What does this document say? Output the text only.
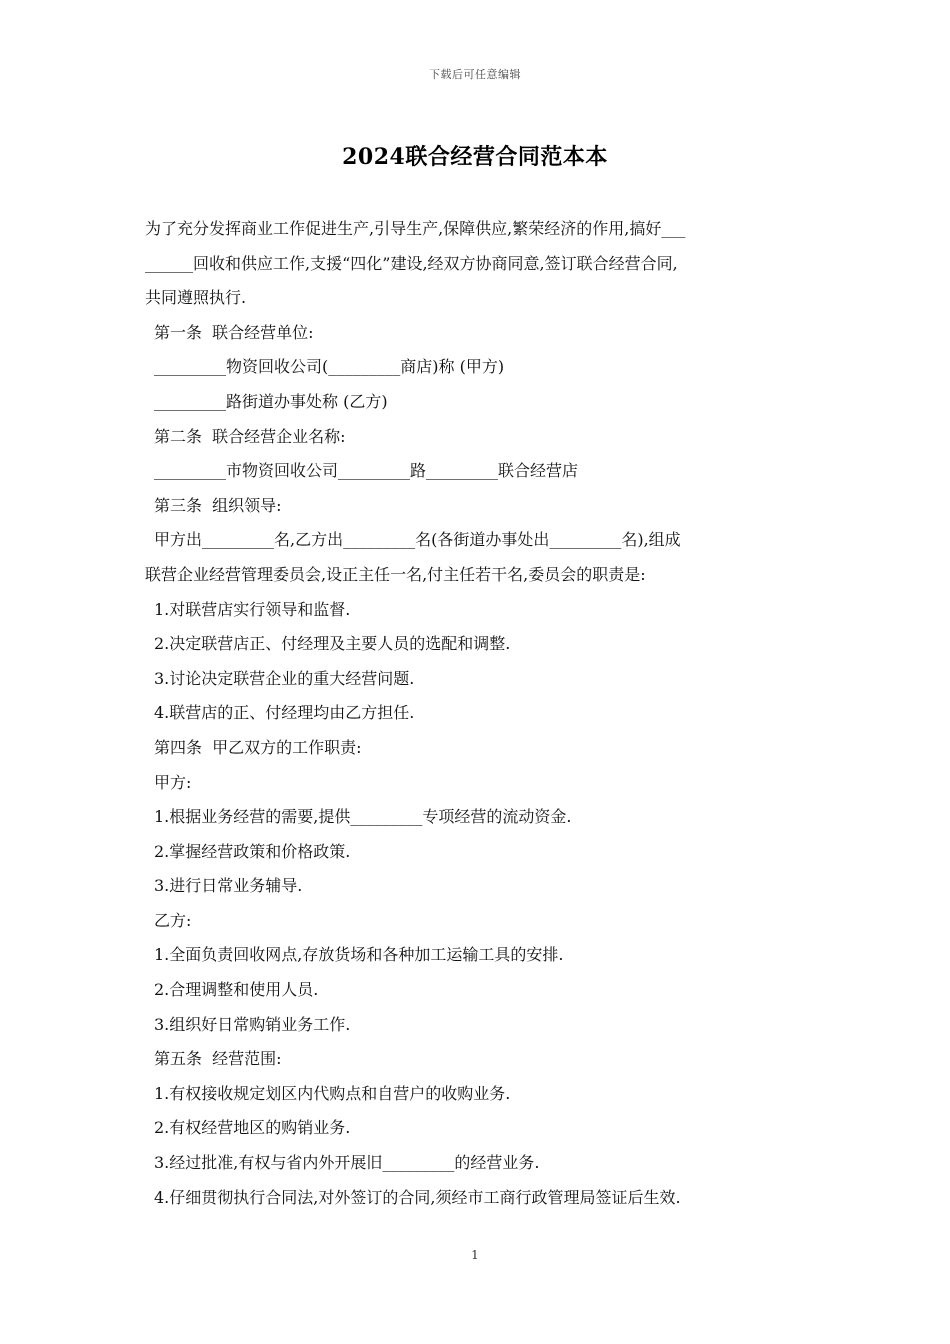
下载后可任意编辑
2024联合经营合同范本本
为了充分发挥商业工作促进生产,引导生产,保障供应,繁荣经济的作用,搞好___
______回收和供应工作,支援“四化”建设,经双方协商同意,签订联合经营合同,
共同遵照执行.
第一条  联合经营单位:
_________物资回收公司(_________商店)称 (甲方)
_________路街道办事处称 (乙方)
第二条  联合经营企业名称:
_________市物资回收公司_________路_________联合经营店
第三条  组织领导:
甲方出_________名,乙方出_________名(各街道办事处出_________名),组成
联营企业经营管理委员会,设正主任一名,付主任若干名,委员会的职责是:
1.对联营店实行领导和监督.
2.决定联营店正、付经理及主要人员的选配和调整.
3.讨论决定联营企业的重大经营问题.
4.联营店的正、付经理均由乙方担任.
第四条  甲乙双方的工作职责:
甲方:
1.根据业务经营的需要,提供_________专项经营的流动资金.
2.掌握经营政策和价格政策.
3.进行日常业务辅导.
乙方:
1.全面负责回收网点,存放货场和各种加工运输工具的安排.
2.合理调整和使用人员.
3.组织好日常购销业务工作.
第五条  经营范围:
1.有权接收规定划区内代购点和自营户的收购业务.
2.有权经营地区的购销业务.
3.经过批准,有权与省内外开展旧_________的经营业务.
4.仔细贯彻执行合同法,对外签订的合同,须经市工商行政管理局签证后生效.
1
